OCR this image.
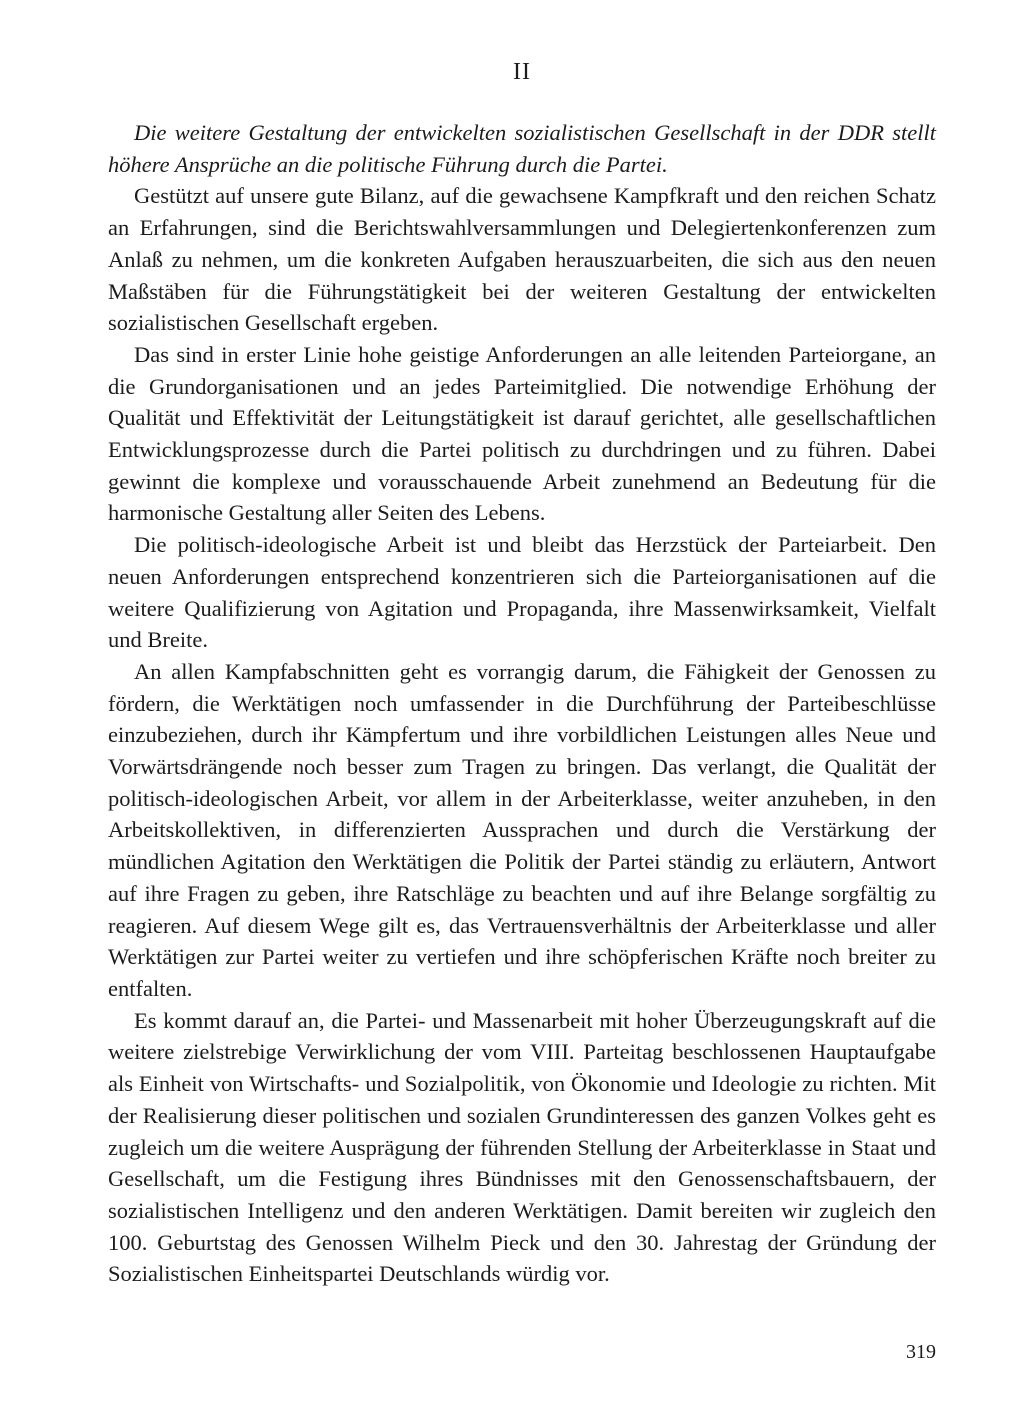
II

Die weitere Gestaltung der entwickelten sozialistischen Gesellschaft in der DDR stellt höhere Ansprüche an die politische Führung durch die Partei.

Gestützt auf unsere gute Bilanz, auf die gewachsene Kampfkraft und den reichen Schatz an Erfahrungen, sind die Berichtswahlversammlungen und Delegiertenkonferenzen zum Anlaß zu nehmen, um die konkreten Aufgaben herauszuarbeiten, die sich aus den neuen Maßstäben für die Führungstätigkeit bei der weiteren Gestaltung der entwickelten sozialistischen Gesellschaft ergeben.

Das sind in erster Linie hohe geistige Anforderungen an alle leitenden Parteiorgane, an die Grundorganisationen und an jedes Parteimitglied. Die notwendige Erhöhung der Qualität und Effektivität der Leitungstätigkeit ist darauf gerichtet, alle gesellschaftlichen Entwicklungsprozesse durch die Partei politisch zu durchdringen und zu führen. Dabei gewinnt die komplexe und vorausschauende Arbeit zunehmend an Bedeutung für die harmonische Gestaltung aller Seiten des Lebens.

Die politisch-ideologische Arbeit ist und bleibt das Herzstück der Parteiarbeit. Den neuen Anforderungen entsprechend konzentrieren sich die Parteiorganisationen auf die weitere Qualifizierung von Agitation und Propaganda, ihre Massenwirksamkeit, Vielfalt und Breite.

An allen Kampfabschnitten geht es vorrangig darum, die Fähigkeit der Genossen zu fördern, die Werktätigen noch umfassender in die Durchführung der Parteibeschlüsse einzubeziehen, durch ihr Kämpfertum und ihre vorbildlichen Leistungen alles Neue und Vorwärtsdrängende noch besser zum Tragen zu bringen. Das verlangt, die Qualität der politisch-ideologischen Arbeit, vor allem in der Arbeiterklasse, weiter anzuheben, in den Arbeitskollektiven, in differenzierten Aussprachen und durch die Verstärkung der mündlichen Agitation den Werktätigen die Politik der Partei ständig zu erläutern, Antwort auf ihre Fragen zu geben, ihre Ratschläge zu beachten und auf ihre Belange sorgfältig zu reagieren. Auf diesem Wege gilt es, das Vertrauensverhältnis der Arbeiterklasse und aller Werktätigen zur Partei weiter zu vertiefen und ihre schöpferischen Kräfte noch breiter zu entfalten.

Es kommt darauf an, die Partei- und Massenarbeit mit hoher Überzeugungskraft auf die weitere zielstrebige Verwirklichung der vom VIII. Parteitag beschlossenen Hauptaufgabe als Einheit von Wirtschafts- und Sozialpolitik, von Ökonomie und Ideologie zu richten. Mit der Realisierung dieser politischen und sozialen Grundinteressen des ganzen Volkes geht es zugleich um die weitere Ausprägung der führenden Stellung der Arbeiterklasse in Staat und Gesellschaft, um die Festigung ihres Bündnisses mit den Genossenschaftsbauern, der sozialistischen Intelligenz und den anderen Werktätigen. Damit bereiten wir zugleich den 100. Geburtstag des Genossen Wilhelm Pieck und den 30. Jahrestag der Gründung der Sozialistischen Einheitspartei Deutschlands würdig vor.

319
